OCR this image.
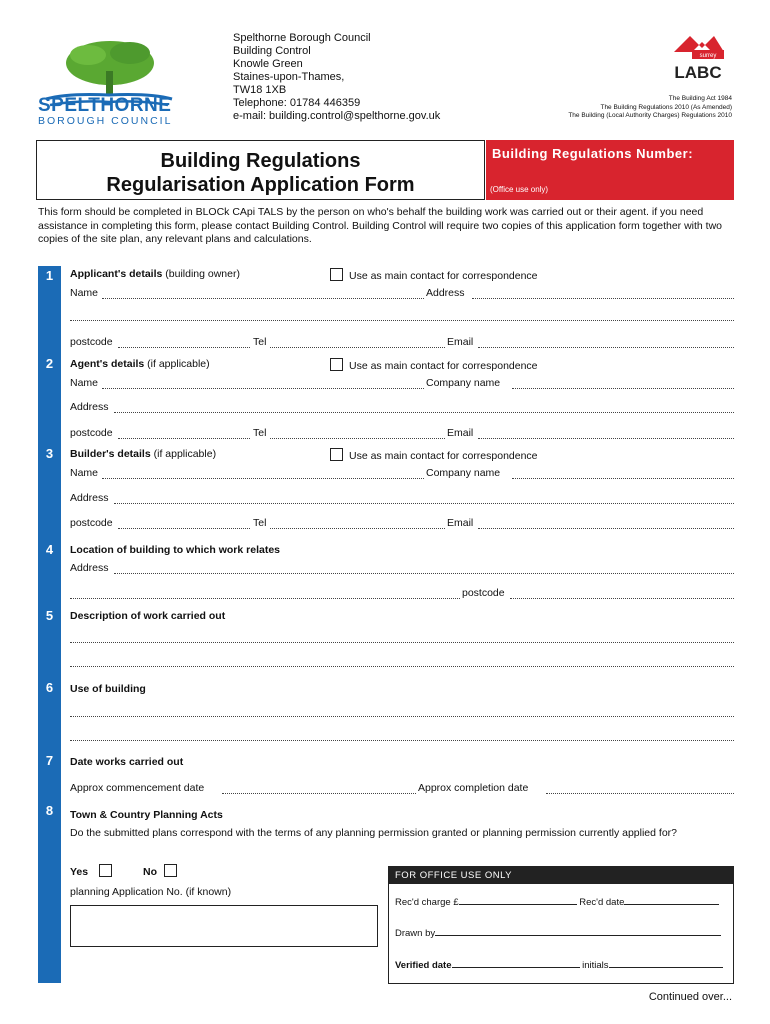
SPELTHORNE
BOROUGH COUNCIL
Spelthorne Borough Council
Building Control
Knowle Green
Staines-upon-Thames,
TW18 1XB
Telephone: 01784 446359
e-mail: building.control@spelthorne.gov.uk
surrey
LABC
The Building Act 1984
The Building Regulations 2010 (As Amended)
The Building (Local Authority Charges) Regulations 2010
Building Regulations
Regularisation Application Form
Building Regulations Number:
(Office use only)
This form should be completed in BLOCk CApi TALS by the person on who's behalf the building work was carried out or their agent. if you need assistance in completing this form, please contact Building Control. Building Control will require two copies of this application form together with two copies of the site plan, any relevant plans and calculations.
1
2
3
4
5
6
7
8
Applicant's details (building owner)	Use as main contact for correspondence
Name	Address
postcode	Tel	Email
Agent's details (if applicable)	Use as main contact for correspondence
Name	Company name
Address
postcode	Tel	Email
Builder's details (if applicable)	Use as main contact for correspondence
Name	Company name
Address
postcode	Tel	Email
Location of building to which work relates
Address
postcode
Description of work carried out
Use of building
Date works carried out
Approx commencement date	Approx completion date
Town & Country Planning Acts
Do the submitted plans correspond with the terms of any planning permission granted or planning permission currently applied for?
Yes	No
planning Application No. (if known)
FOR OFFICE USE ONLY
Rec'd charge £	Rec'd date
Drawn by
Verified date	initials
Continued over...
